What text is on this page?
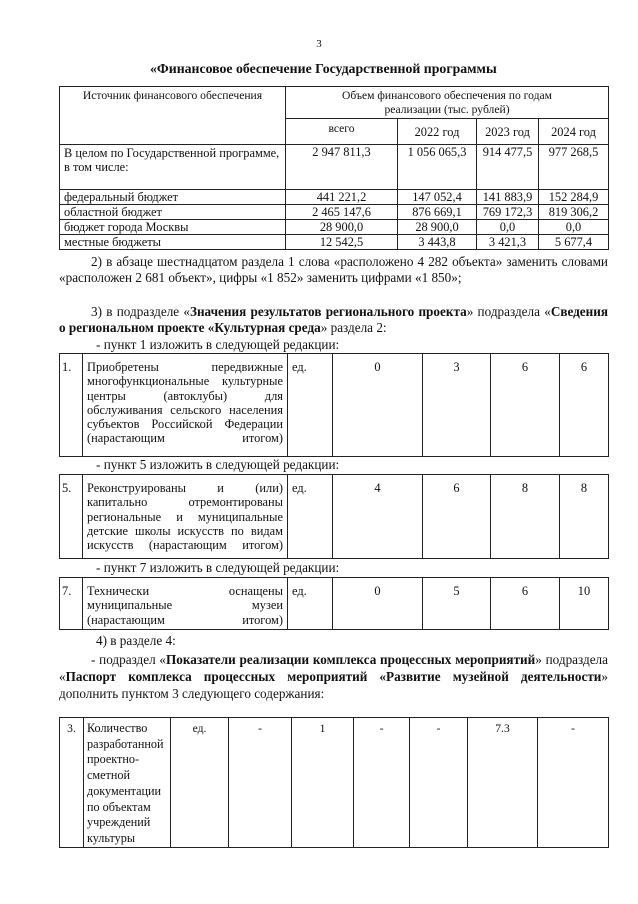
3
«Финансовое обеспечение Государственной программы
Источник финансового обеспечения	Объем финансового обеспечения по годам реализации (тыс. рублей)			
	всего	2022 год	2023 год	2024 год
В целом по Государственной программе,
в том числе:	2 947 811,3	1 056 065,3	914 477,5	977 268,5
федеральный бюджет	441 221,2	147 052,4	141 883,9	152 284,9
областной бюджет	2 465 147,6	876 669,1	769 172,3	819 306,2
бюджет города Москвы	28 900,0	28 900,0	0,0	0,0
местные бюджеты	12 542,5	3 443,8	3 421,3	5 677,4
2) в абзаце шестнадцатом раздела 1 слова «расположено 4 282 объекта» заменить словами «расположен 2 681 объект», цифры «1 852» заменить цифрами «1 850»;
3) в подразделе «Значения результатов регионального проекта» подраздела «Сведения о региональном проекте «Культурная среда» раздела 2:
- пункт 1 изложить в следующей редакции:
1.	Приобретены передвижные многофункциональные культурные центры (автоклубы) для обслуживания сельского населения субъектов Российской Федерации (нарастающим итогом)	ед.	0	3	6	6
- пункт 5 изложить в следующей редакции:
5.	Реконструированы и (или) капитально отремонтированы региональные и муниципальные детские школы искусств по видам искусств (нарастающим итогом)	ед.	4	6	8	8
- пункт 7 изложить в следующей редакции:
7.	Технически оснащены муниципальные музеи (нарастающим итогом)	ед.	0	5	6	10
4) в разделе 4:
- подраздел «Показатели реализации комплекса процессных мероприятий» подраздела «Паспорт комплекса процессных мероприятий «Развитие музейной деятельности» дополнить пунктом 3 следующего содержания:
3.	Количество разработанной проектно-сметной документации по объектам учреждений культуры	ед.	-	1	-	-	7.3	-
